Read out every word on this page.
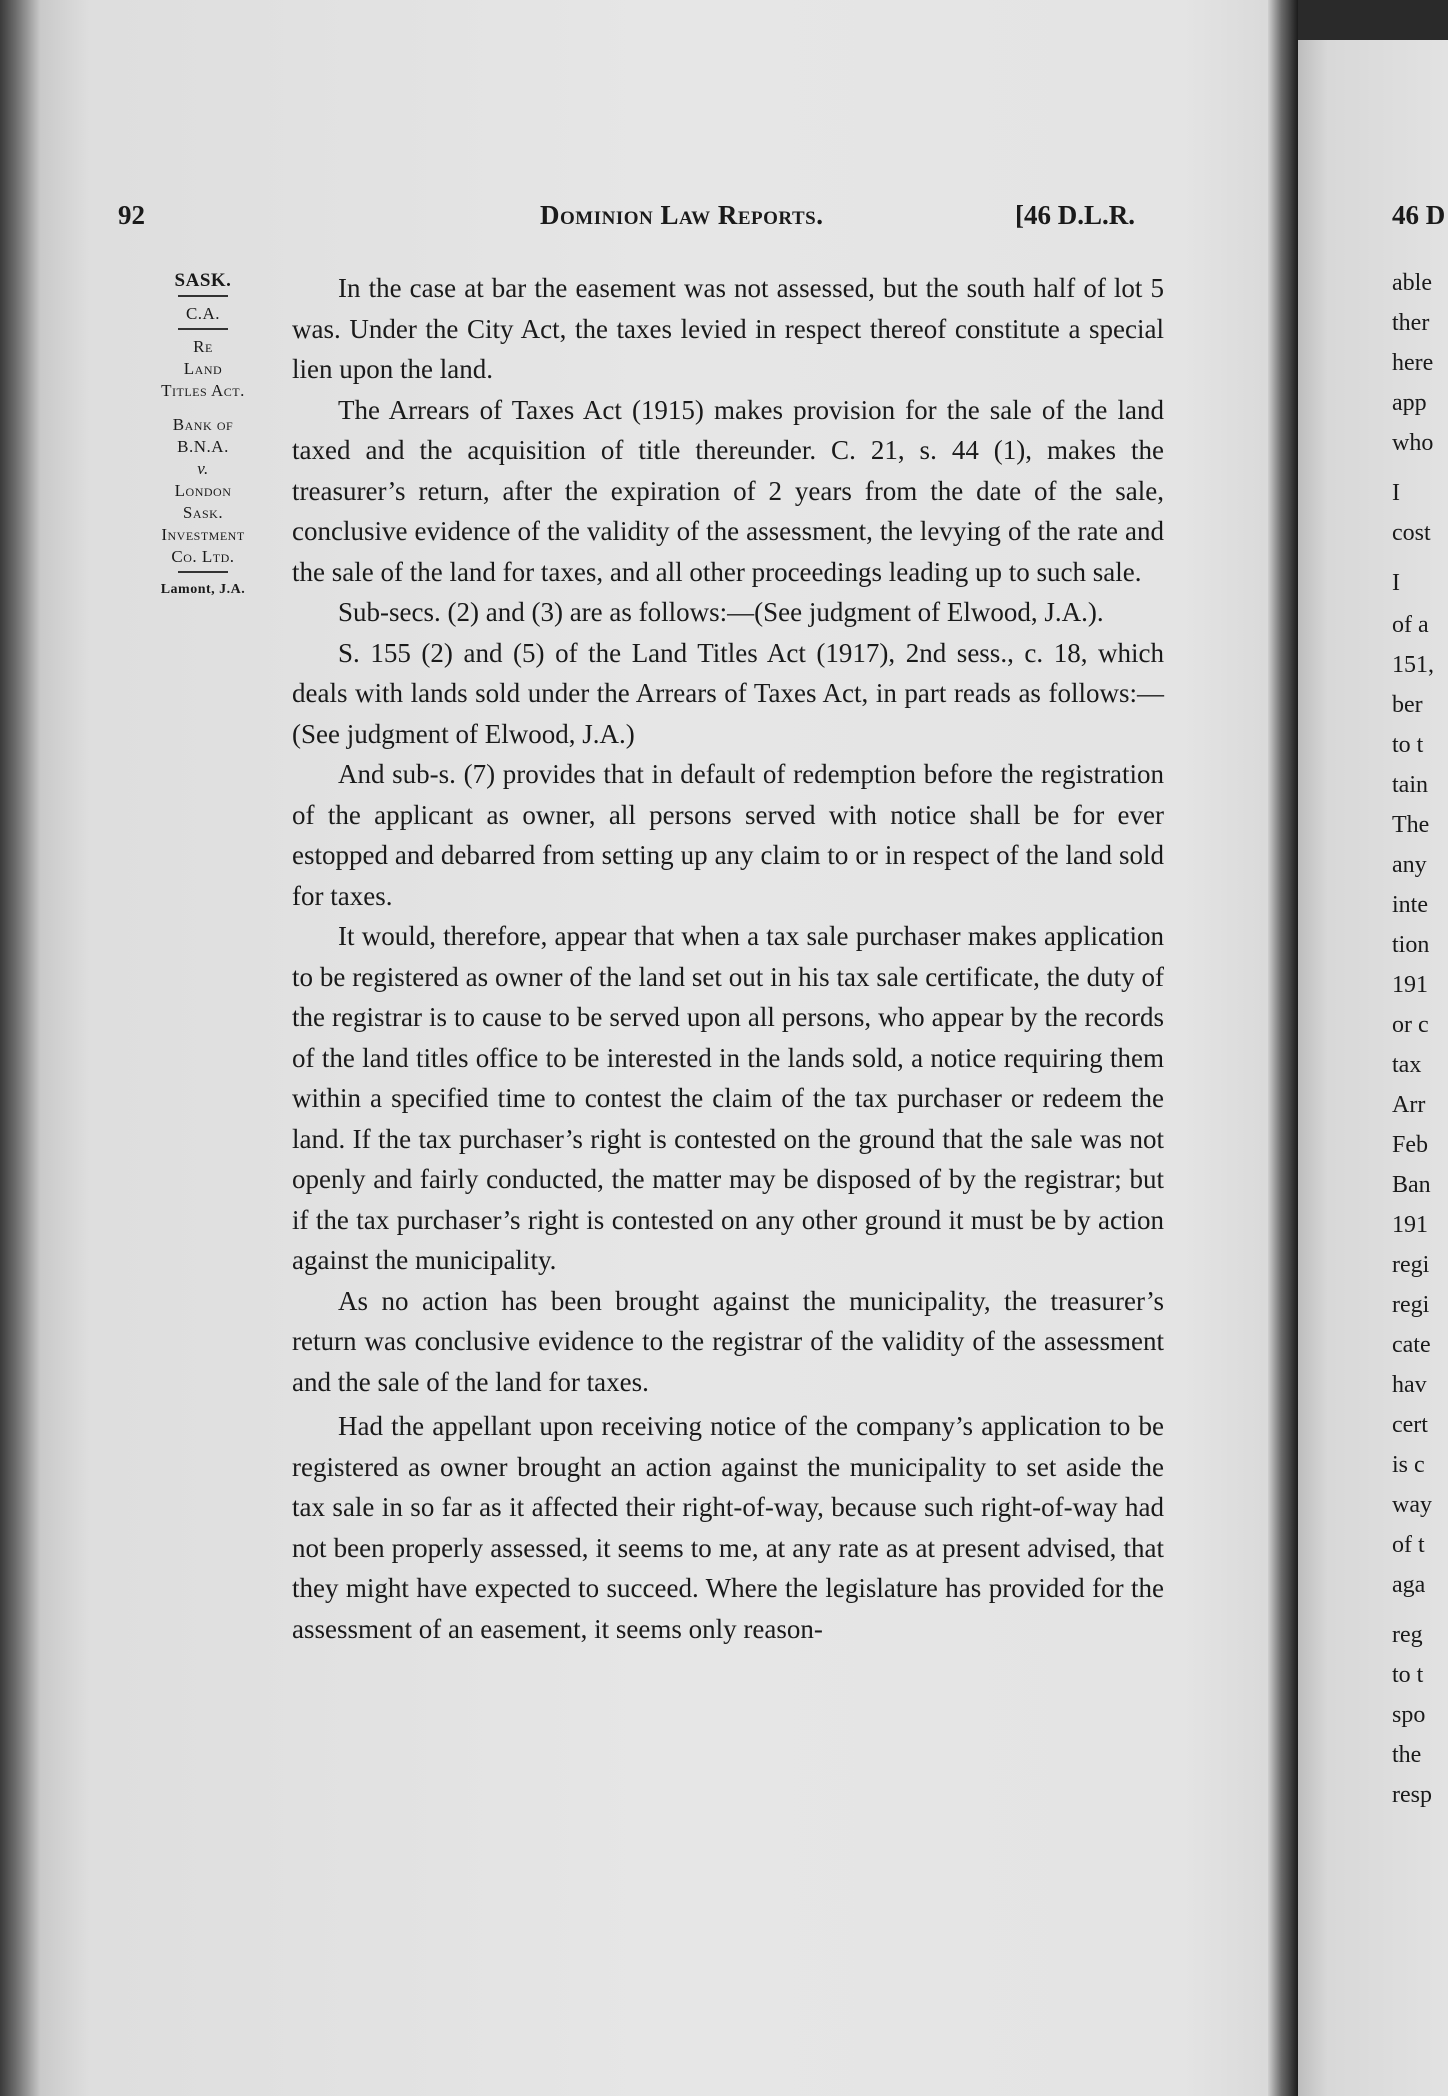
92	Dominion Law Reports.	[46 D.L.R.
SASK.
C.A.
Re
Land
Titles Act.
Bank of
B.N.A.
v.
London
Sask.
Investment
Co. Ltd.
Lamont, J.A.

In the case at bar the easement was not assessed, but the south half of lot 5 was. Under the City Act, the taxes levied in respect thereof constitute a special lien upon the land.

The Arrears of Taxes Act (1915) makes provision for the sale of the land taxed and the acquisition of title thereunder. C. 21, s. 44 (1), makes the treasurer’s return, after the expiration of 2 years from the date of the sale, conclusive evidence of the validity of the assessment, the levying of the rate and the sale of the land for taxes, and all other proceedings leading up to such sale.

Sub-secs. (2) and (3) are as follows:—(See judgment of Elwood, J.A.).

S. 155 (2) and (5) of the Land Titles Act (1917), 2nd sess., c. 18, which deals with lands sold under the Arrears of Taxes Act, in part reads as follows:—(See judgment of Elwood, J.A.)

And sub-s. (7) provides that in default of redemption before the registration of the applicant as owner, all persons served with notice shall be for ever estopped and debarred from setting up any claim to or in respect of the land sold for taxes.

It would, therefore, appear that when a tax sale purchaser makes application to be registered as owner of the land set out in his tax sale certificate, the duty of the registrar is to cause to be served upon all persons, who appear by the records of the land titles office to be interested in the lands sold, a notice requiring them within a specified time to contest the claim of the tax purchaser or redeem the land. If the tax purchaser’s right is contested on the ground that the sale was not openly and fairly conducted, the matter may be disposed of by the registrar; but if the tax purchaser’s right is contested on any other ground it must be by action against the municipality.

As no action has been brought against the municipality, the treasurer’s return was conclusive evidence to the registrar of the validity of the assessment and the sale of the land for taxes.

Had the appellant upon receiving notice of the company’s application to be registered as owner brought an action against the municipality to set aside the tax sale in so far as it affected their right-of-way, because such right-of-way had not been properly assessed, it seems to me, at any rate as at present advised, that they might have expected to succeed. Where the legislature has provided for the assessment of an easement, it seems only reason-

46 D
able
ther
here
app
who
I
cost
I
of a
151,
ber
to t
tain
The
any
inte
tion
191
or c
tax
Arr
Feb
Ban
191
regi
regi
cate
hav
cert
is c
way
of t
aga
reg
to t
spo
the
resp
